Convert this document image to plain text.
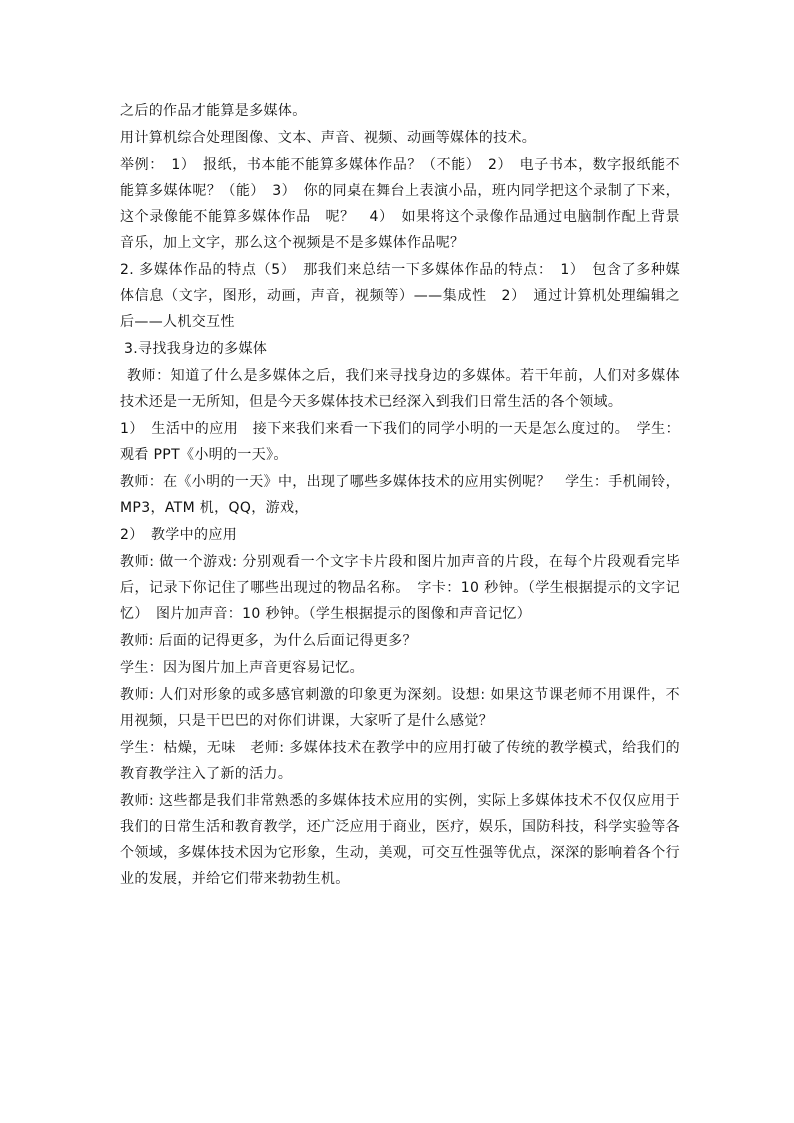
之后的作品才能算是多媒体。

用计算机综合处理图像、文本、声音、视频、动画等媒体的技术。

举例：　1）　报纸，书本能不能算多媒体作品？（不能）　2）　电子书本，数字报纸能不能算多媒体呢？（能）　3）　你的同桌在舞台上表演小品，班内同学把这个录制了下来，这个录像能不能算多媒体作品　呢？　4）　如果将这个录像作品通过电脑制作配上背景音乐，加上文字，那么这个视频是不是多媒体作品呢？

2. 多媒体作品的特点（5）　那我们来总结一下多媒体作品的特点：　1）　包含了多种媒体信息（文字，图形，动画，声音，视频等）——集成性　2）　通过计算机处理编辑之后——人机交互性

3.寻找我身边的多媒体

教师：知道了什么是多媒体之后，我们来寻找身边的多媒体。若干年前，人们对多媒体技术还是一无所知，但是今天多媒体技术已经深入到我们日常生活的各个领域。

1）　生活中的应用　接下来我们来看一下我们的同学小明的一天是怎么度过的。　学生：观看 PPT《小明的一天》。

教师：在《小明的一天》中，出现了哪些多媒体技术的应用实例呢？　学生：手机闹铃，MP3，ATM 机，QQ，游戏，

2）　教学中的应用

教师: 做一个游戏: 分别观看一个文字卡片段和图片加声音的片段，在每个片段观看完毕后，记录下你记住了哪些出现过的物品名称。　字卡：10 秒钟。（学生根据提示的文字记忆）　图片加声音：10 秒钟。（学生根据提示的图像和声音记忆）

教师: 后面的记得更多，为什么后面记得更多？

学生：因为图片加上声音更容易记忆。

教师: 人们对形象的或多感官刺激的印象更为深刻。设想: 如果这节课老师不用课件，不用视频，只是干巴巴的对你们讲课，大家听了是什么感觉？

学生：枯燥，无味　老师: 多媒体技术在教学中的应用打破了传统的教学模式，给我们的教育教学注入了新的活力。

教师: 这些都是我们非常熟悉的多媒体技术应用的实例，实际上多媒体技术不仅仅应用于我们的日常生活和教育教学，还广泛应用于商业，医疗，娱乐，国防科技，科学实验等各个领域，多媒体技术因为它形象，生动，美观，可交互性强等优点，深深的影响着各个行业的发展，并给它们带来勃勃生机。
